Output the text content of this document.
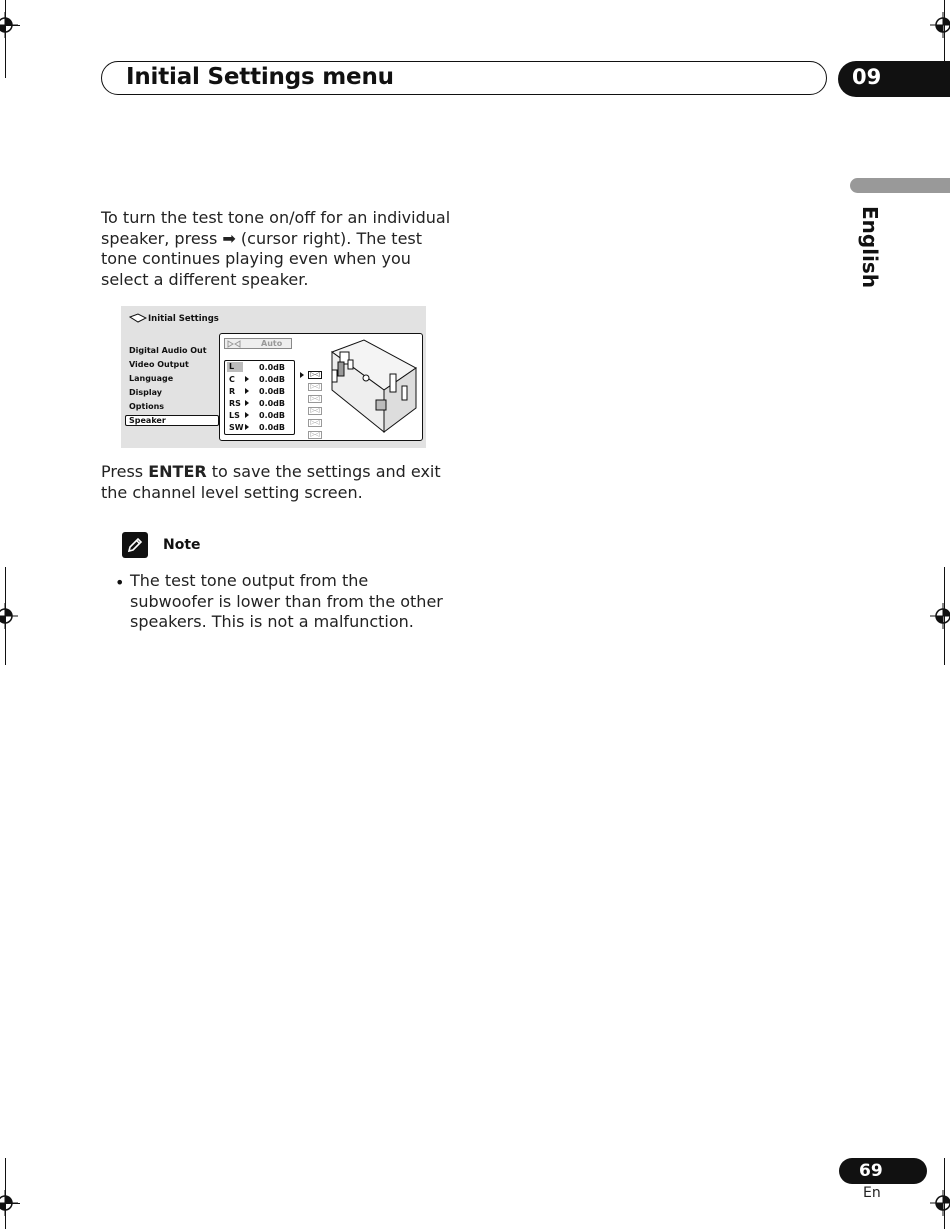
Initial Settings menu	09
English
To turn the test tone on/off for an individual speaker, press ➡ (cursor right). The test tone continues playing even when you select a different speaker.
Initial Settings
Digital Audio Out
Video Output
Language
Display
Options
Speaker
Auto
L	0.0dB
C	0.0dB
R	0.0dB
RS 0.0dB
LS 0.0dB
SW 0.0dB
▷◁
▷◁
▷◁
▷◁
▷◁
▷◁
Press ENTER to save the settings and exit the channel level setting screen.
Note
• The test tone output from the subwoofer is lower than from the other speakers. This is not a malfunction.
69
En
